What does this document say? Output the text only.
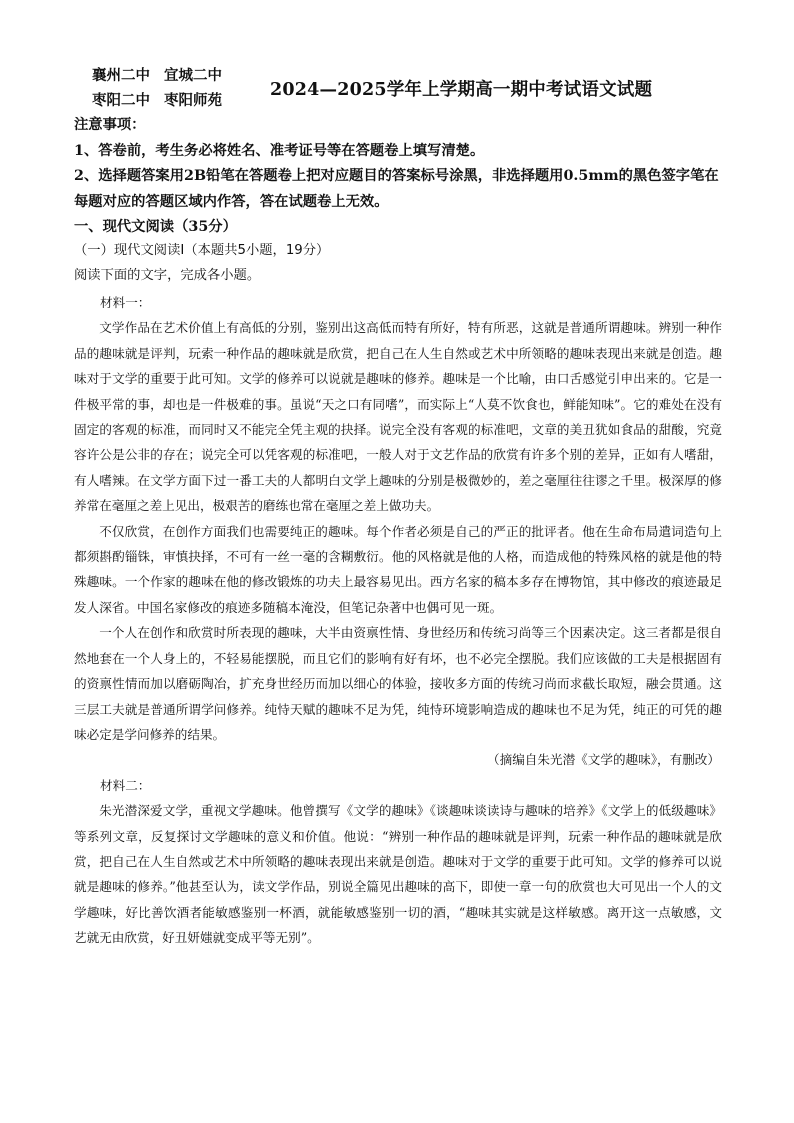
襄州二中 宜城二中
枣阳二中 枣阳师苑
2024—2025学年上学期高一期中考试语文试题

注意事项：

1、答卷前，考生务必将姓名、准考证号等在答题卷上填写清楚。

2、选择题答案用2B铅笔在答题卷上把对应题目的答案标号涂黑，非选择题用0.5mm的黑色签字笔在每题对应的答题区域内作答，答在试题卷上无效。

一、现代文阅读（35分）

（一）现代文阅读Ⅰ（本题共5小题，19分）

阅读下面的文字，完成各小题。

材料一：

文学作品在艺术价值上有高低的分别，鉴别出这高低而特有所好，特有所恶，这就是普通所谓趣味。辨别一种作品的趣味就是评判，玩索一种作品的趣味就是欣赏，把自己在人生自然或艺术中所领略的趣味表现出来就是创造。趣味对于文学的重要于此可知。文学的修养可以说就是趣味的修养。趣味是一个比喻，由口舌感觉引申出来的。它是一件极平常的事，却也是一件极难的事。虽说“天之口有同嗜”，而实际上“人莫不饮食也，鲜能知味”。它的难处在没有固定的客观的标准，而同时又不能完全凭主观的抉择。说完全没有客观的标准吧，文章的美丑犹如食品的甜酸，究竟容许公是公非的存在；说完全可以凭客观的标准吧，一般人对于文艺作品的欣赏有许多个别的差异，正如有人嗜甜，有人嗜辣。在文学方面下过一番工夫的人都明白文学上趣味的分别是极微妙的，差之毫厘往往谬之千里。极深厚的修养常在毫厘之差上见出，极艰苦的磨练也常在毫厘之差上做功夫。

不仅欣赏，在创作方面我们也需要纯正的趣味。每个作者必须是自己的严正的批评者。他在生命布局遣词造句上都须斟酌锱铢，审慎抉择，不可有一丝一毫的含糊敷衍。他的风格就是他的人格，而造成他的特殊风格的就是他的特殊趣味。一个作家的趣味在他的修改锻炼的功夫上最容易见出。西方名家的稿本多存在博物馆，其中修改的痕迹最足发人深省。中国名家修改的痕迹多随稿本淹没，但笔记杂著中也偶可见一斑。

一个人在创作和欣赏时所表现的趣味，大半由资禀性情、身世经历和传统习尚等三个因素决定。这三者都是很自然地套在一个人身上的，不轻易能摆脱，而且它们的影响有好有坏，也不必完全摆脱。我们应该做的工夫是根据固有的资禀性情而加以磨砺陶冶，扩充身世经历而加以细心的体验，接收多方面的传统习尚而求截长取短，融会贯通。这三层工夫就是普通所谓学问修养。纯恃天赋的趣味不足为凭，纯恃环境影响造成的趣味也不足为凭，纯正的可凭的趣味必定是学问修养的结果。

（摘编自朱光潜《文学的趣味》，有删改）

材料二：

朱光潜深爱文学，重视文学趣味。他曾撰写《文学的趣味》《谈趣味谈读诗与趣味的培养》《文学上的低级趣味》等系列文章，反复探讨文学趣味的意义和价值。他说：“辨别一种作品的趣味就是评判，玩索一种作品的趣味就是欣赏，把自己在人生自然或艺术中所领略的趣味表现出来就是创造。趣味对于文学的重要于此可知。文学的修养可以说就是趣味的修养。”他甚至认为，读文学作品，别说全篇见出趣味的高下，即使一章一句的欣赏也大可见出一个人的文学趣味，好比善饮酒者能敏感鉴别一杯酒，就能敏感鉴别一切的酒，“趣味其实就是这样敏感。离开这一点敏感，文艺就无由欣赏，好丑妍媸就变成平等无别”。
